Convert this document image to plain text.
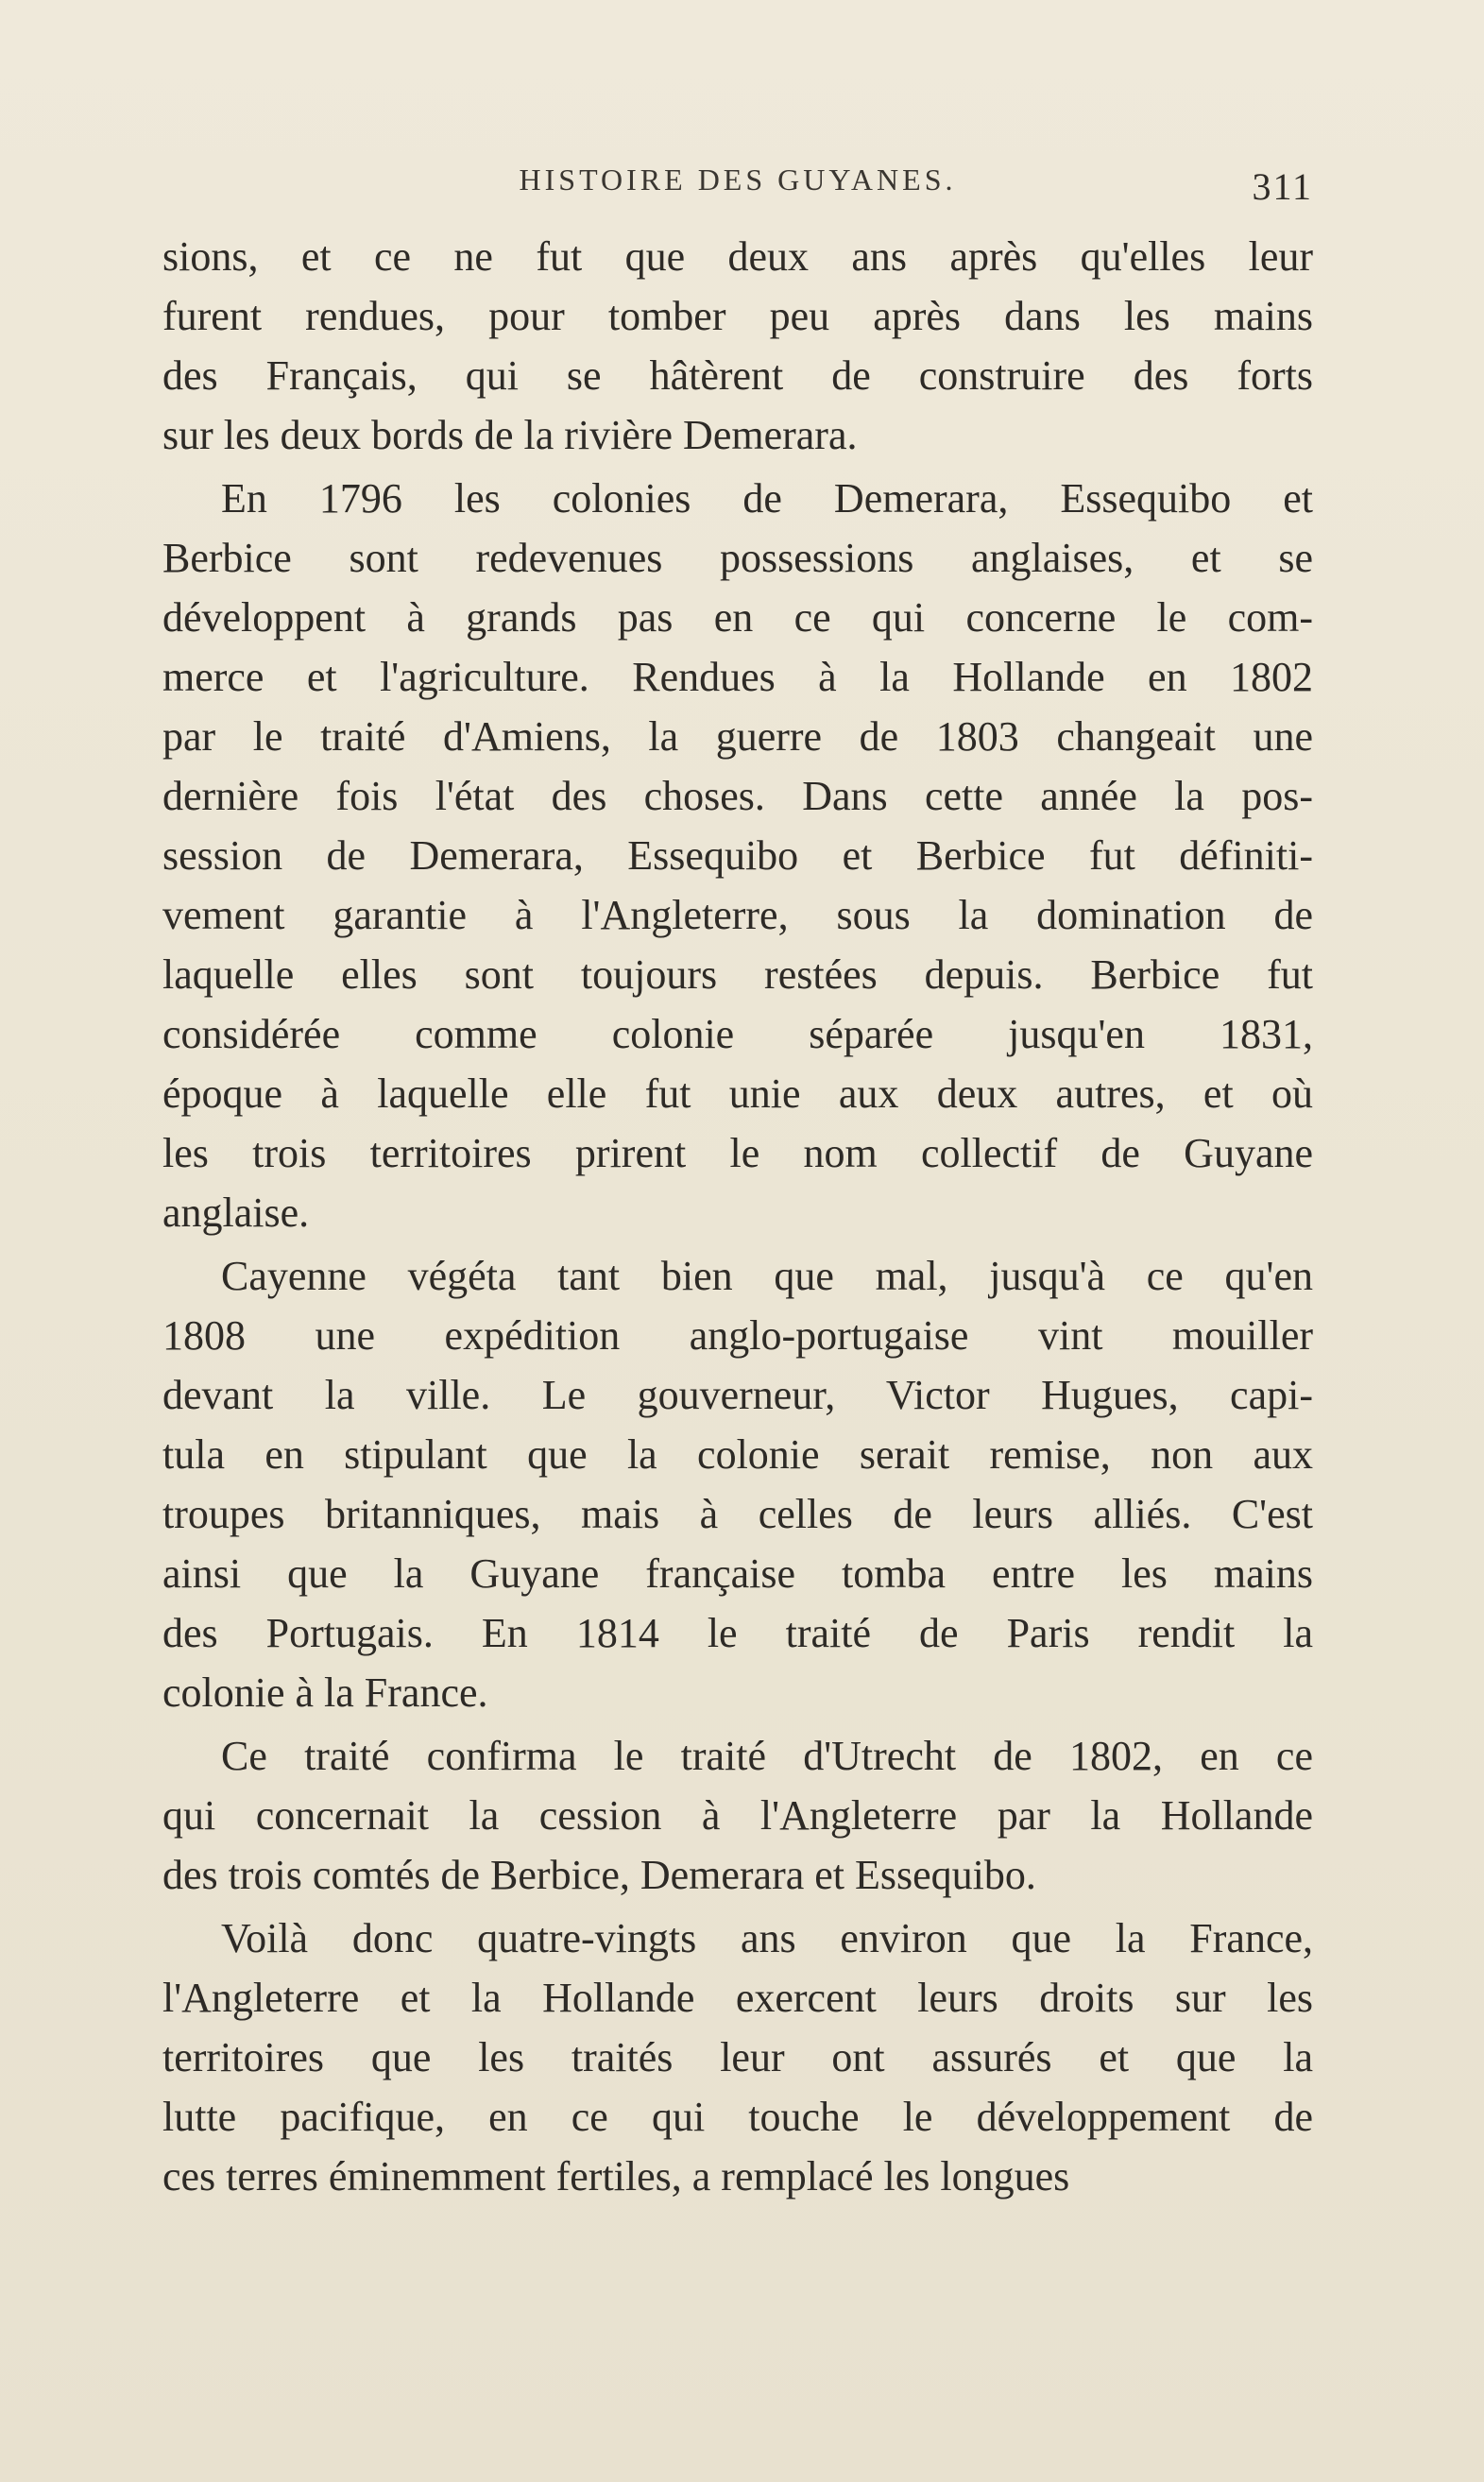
HISTOIRE DES GUYANES.	311

sions, et ce ne fut que deux ans après qu'elles leur
furent rendues, pour tomber peu après dans les mains
des Français, qui se hâtèrent de construire des forts
sur les deux bords de la rivière Demerara.

En 1796 les colonies de Demerara, Essequibo et
Berbice sont redevenues possessions anglaises, et se
développent à grands pas en ce qui concerne le com-
merce et l'agriculture. Rendues à la Hollande en 1802
par le traité d'Amiens, la guerre de 1803 changeait une
dernière fois l'état des choses. Dans cette année la pos-
session de Demerara, Essequibo et Berbice fut définiti-
vement garantie à l'Angleterre, sous la domination de
laquelle elles sont toujours restées depuis. Berbice fut
considérée comme colonie séparée jusqu'en 1831,
époque à laquelle elle fut unie aux deux autres, et où
les trois territoires prirent le nom collectif de Guyane
anglaise.

Cayenne végéta tant bien que mal, jusqu'à ce qu'en
1808 une expédition anglo-portugaise vint mouiller
devant la ville. Le gouverneur, Victor Hugues, capi-
tula en stipulant que la colonie serait remise, non aux
troupes britanniques, mais à celles de leurs alliés. C'est
ainsi que la Guyane française tomba entre les mains
des Portugais. En 1814 le traité de Paris rendit la
colonie à la France.

Ce traité confirma le traité d'Utrecht de 1802, en ce
qui concernait la cession à l'Angleterre par la Hollande
des trois comtés de Berbice, Demerara et Essequibo.

Voilà donc quatre-vingts ans environ que la France,
l'Angleterre et la Hollande exercent leurs droits sur les
territoires que les traités leur ont assurés et que la
lutte pacifique, en ce qui touche le développement de
ces terres éminemment fertiles, a remplacé les longues
